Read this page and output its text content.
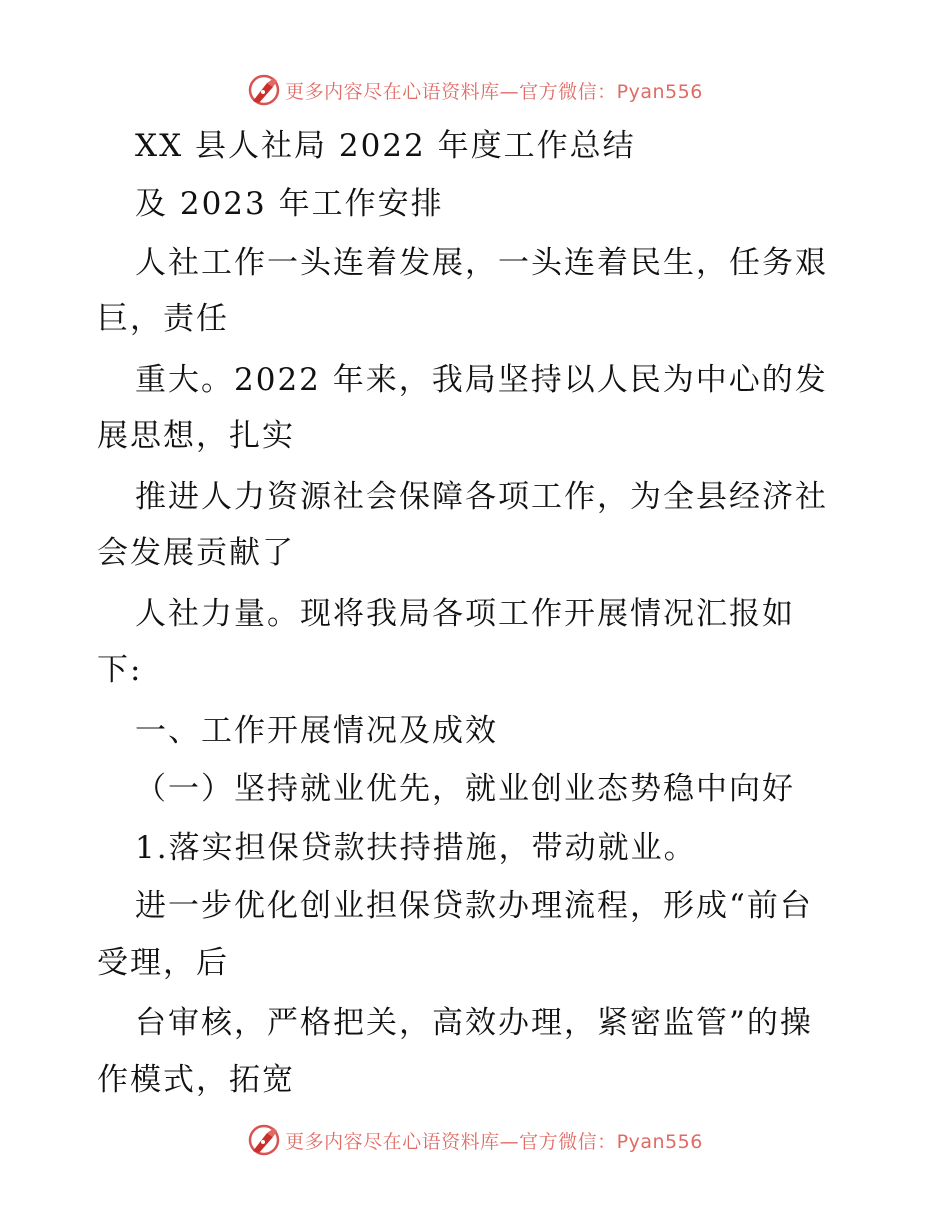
更多内容尽在心语资料库—官方微信：Pyan556
XX 县人社局 2022 年度工作总结
及 2023 年工作安排
人社工作一头连着发展，一头连着民生，任务艰
巨，责任
重大。2022 年来，我局坚持以人民为中心的发
展思想，扎实
推进人力资源社会保障各项工作，为全县经济社
会发展贡献了
人社力量。现将我局各项工作开展情况汇报如
下:
一、工作开展情况及成效
（一）坚持就业优先，就业创业态势稳中向好
1.落实担保贷款扶持措施，带动就业。
进一步优化创业担保贷款办理流程，形成“前台
受理，后
台审核，严格把关，高效办理，紧密监管”的操
作模式，拓宽
更多内容尽在心语资料库—官方微信：Pyan556
